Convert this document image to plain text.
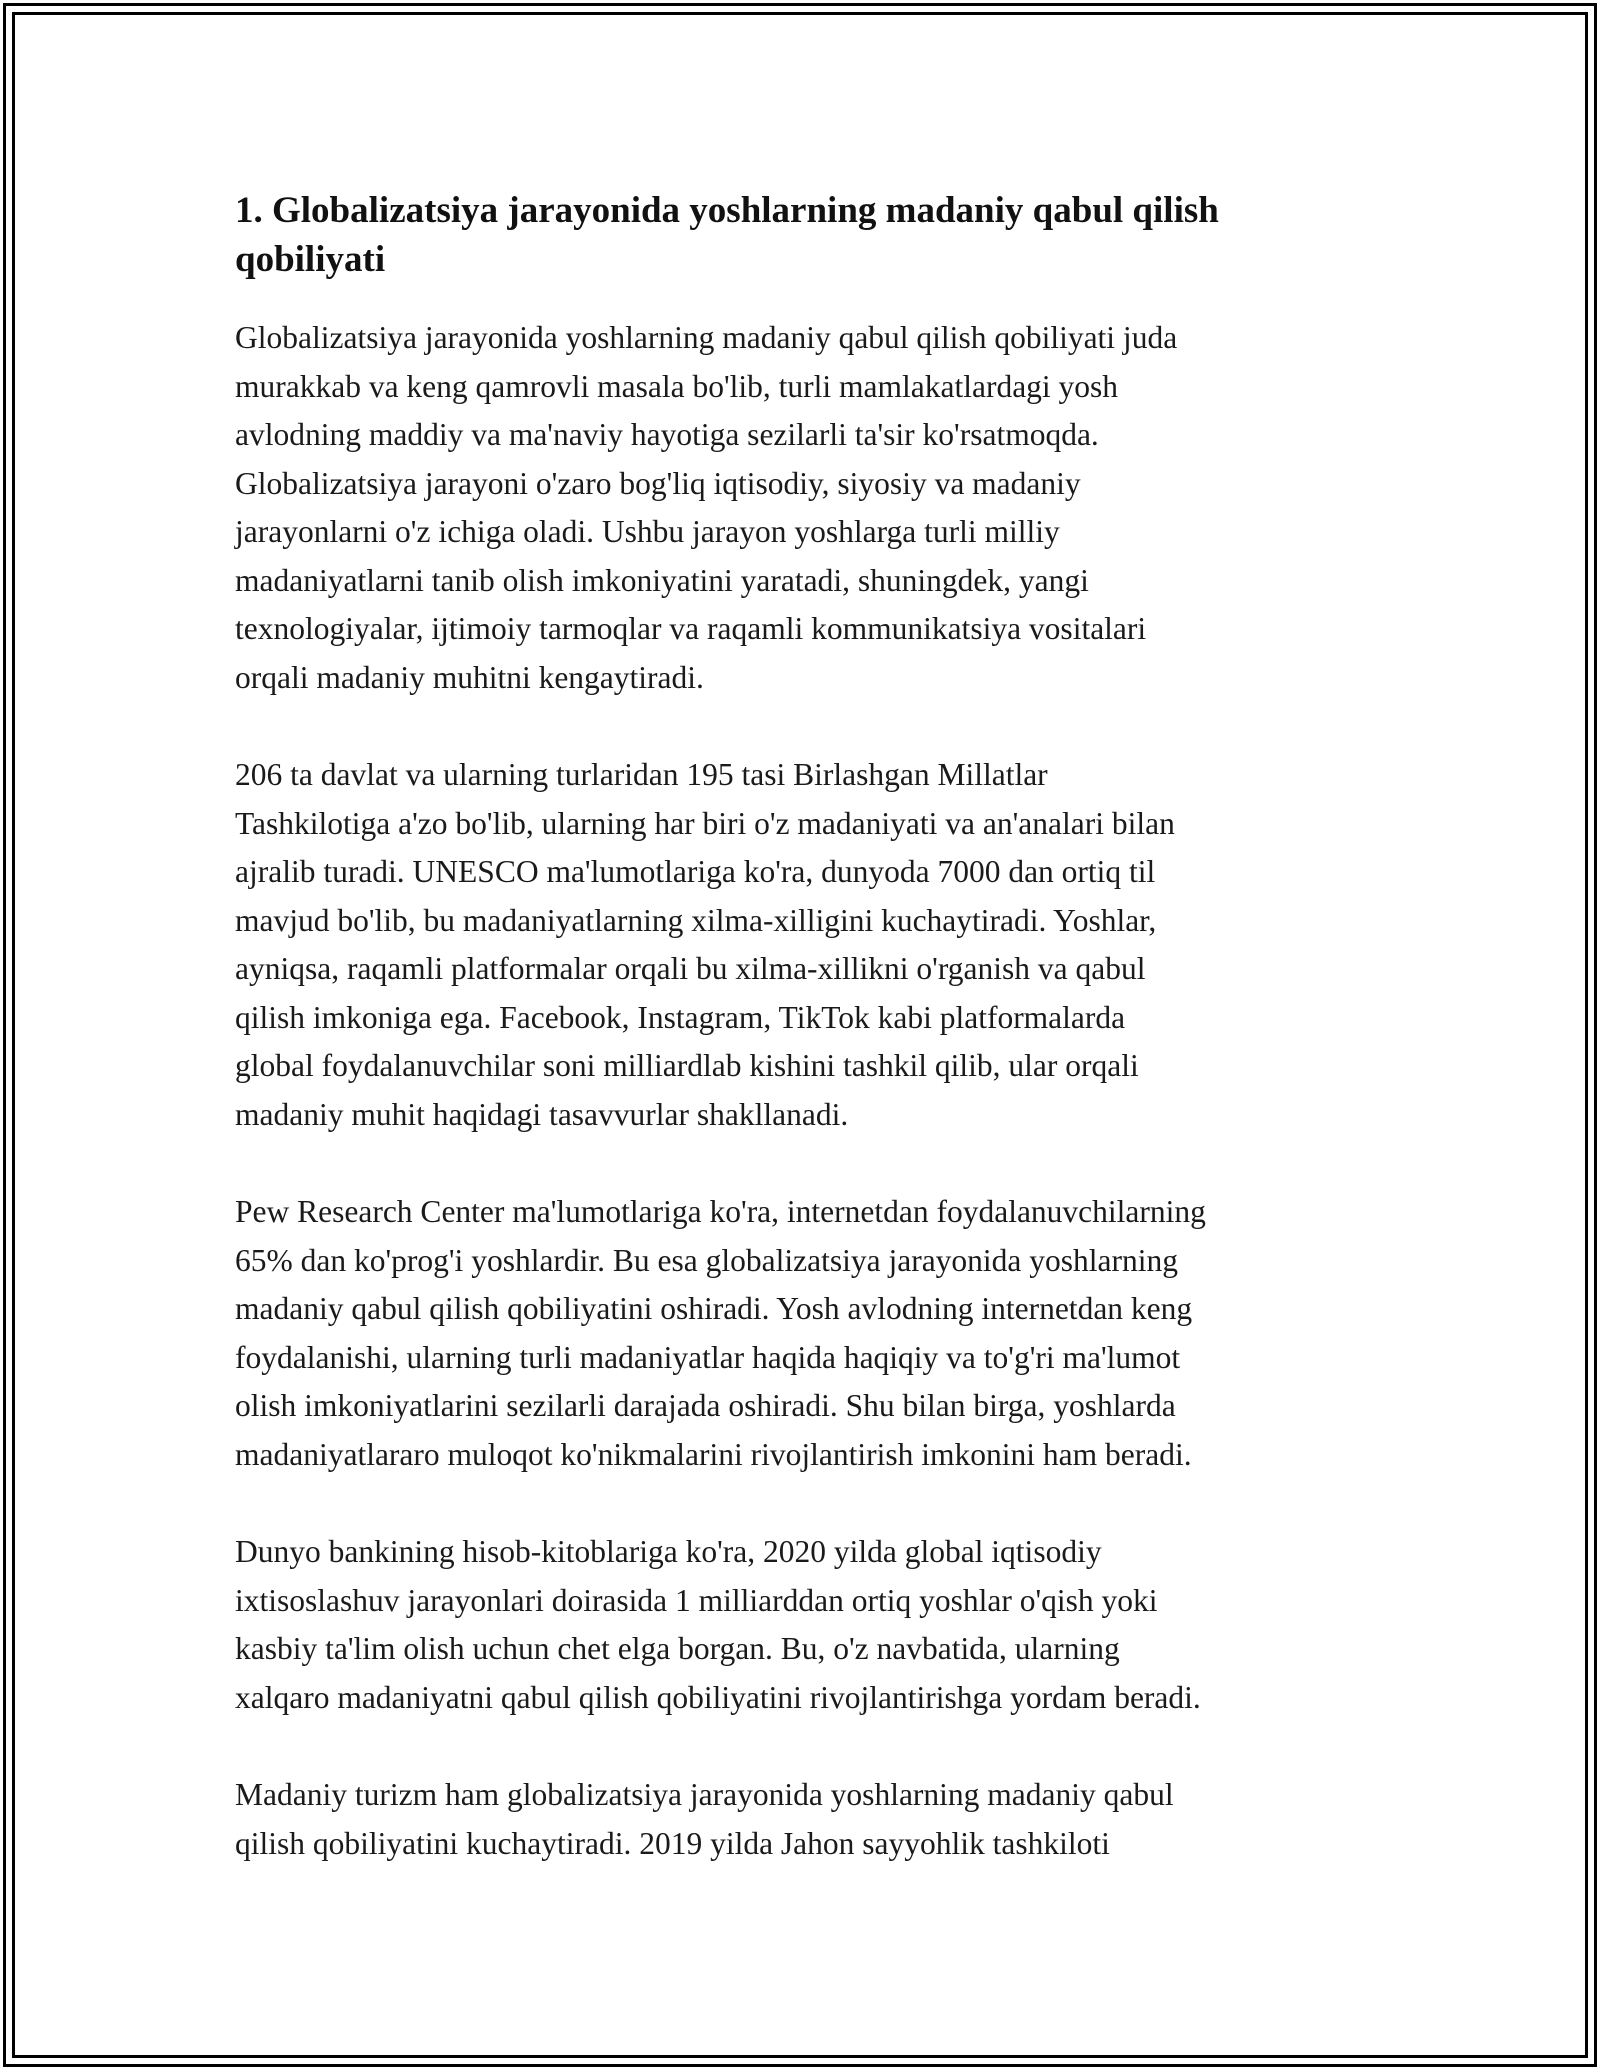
1. Globalizatsiya jarayonida yoshlarning madaniy qabul qilish
qobiliyati

Globalizatsiya jarayonida yoshlarning madaniy qabul qilish qobiliyati juda
murakkab va keng qamrovli masala bo'lib, turli mamlakatlardagi yosh
avlodning maddiy va ma'naviy hayotiga sezilarli ta'sir ko'rsatmoqda.
Globalizatsiya jarayoni o'zaro bog'liq iqtisodiy, siyosiy va madaniy
jarayonlarni o'z ichiga oladi. Ushbu jarayon yoshlarga turli milliy
madaniyatlarni tanib olish imkoniyatini yaratadi, shuningdek, yangi
texnologiyalar, ijtimoiy tarmoqlar va raqamli kommunikatsiya vositalari
orqali madaniy muhitni kengaytiradi.

206 ta davlat va ularning turlaridan 195 tasi Birlashgan Millatlar
Tashkilotiga a'zo bo'lib, ularning har biri o'z madaniyati va an'analari bilan
ajralib turadi. UNESCO ma'lumotlariga ko'ra, dunyoda 7000 dan ortiq til
mavjud bo'lib, bu madaniyatlarning xilma-xilligini kuchaytiradi. Yoshlar,
ayniqsa, raqamli platformalar orqali bu xilma-xillikni o'rganish va qabul
qilish imkoniga ega. Facebook, Instagram, TikTok kabi platformalarda
global foydalanuvchilar soni milliardlab kishini tashkil qilib, ular orqali
madaniy muhit haqidagi tasavvurlar shakllanadi.

Pew Research Center ma'lumotlariga ko'ra, internetdan foydalanuvchilarning
65% dan ko'prog'i yoshlardir. Bu esa globalizatsiya jarayonida yoshlarning
madaniy qabul qilish qobiliyatini oshiradi. Yosh avlodning internetdan keng
foydalanishi, ularning turli madaniyatlar haqida haqiqiy va to'g'ri ma'lumot
olish imkoniyatlarini sezilarli darajada oshiradi. Shu bilan birga, yoshlarda
madaniyatlararo muloqot ko'nikmalarini rivojlantirish imkonini ham beradi.

Dunyo bankining hisob-kitoblariga ko'ra, 2020 yilda global iqtisodiy
ixtisoslashuv jarayonlari doirasida 1 milliarddan ortiq yoshlar o'qish yoki
kasbiy ta'lim olish uchun chet elga borgan. Bu, o'z navbatida, ularning
xalqaro madaniyatni qabul qilish qobiliyatini rivojlantirishga yordam beradi.

Madaniy turizm ham globalizatsiya jarayonida yoshlarning madaniy qabul
qilish qobiliyatini kuchaytiradi. 2019 yilda Jahon sayyohlik tashkiloti
